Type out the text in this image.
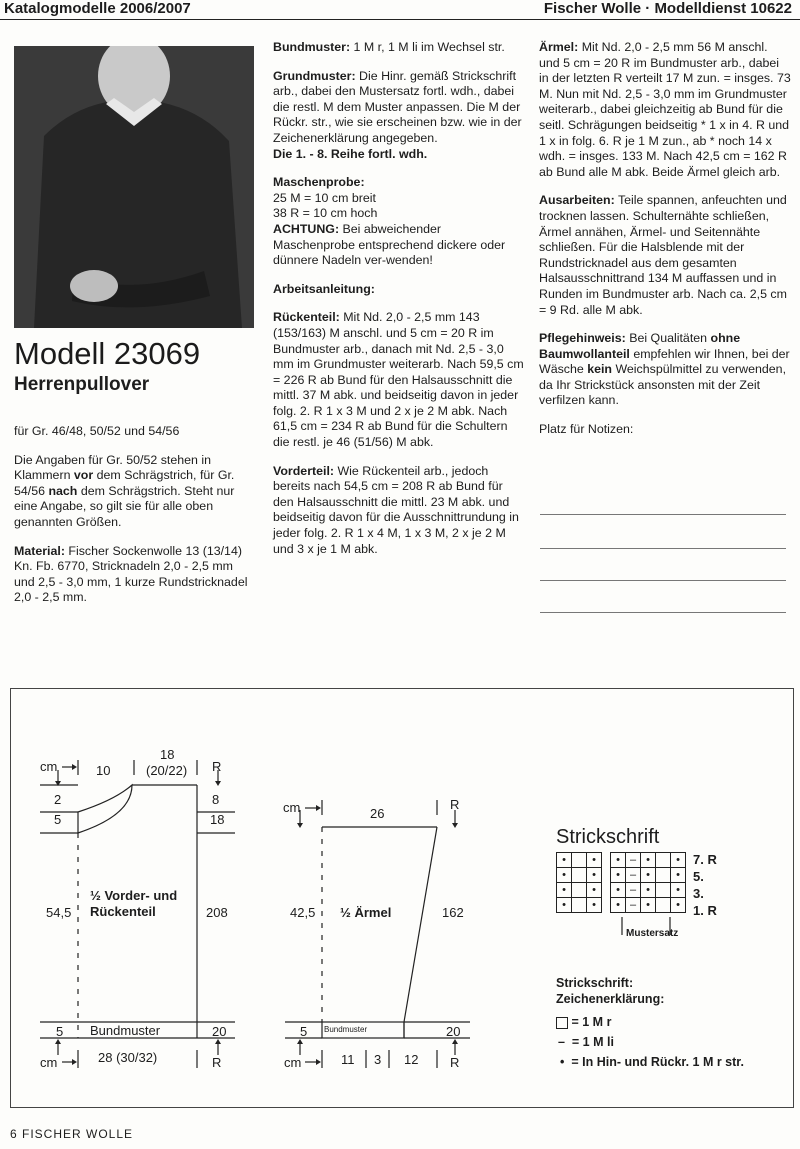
Katalogmodelle 2006/2007	Fischer Wolle · Modelldienst 10622
Modell 23069
Herrenpullover

für Gr. 46/48, 50/52 und 54/56

Die Angaben für Gr. 50/52 stehen in Klammern vor dem Schrägstrich, für Gr. 54/56 nach dem Schrägstrich. Steht nur eine Angabe, so gilt sie für alle oben genannten Größen.

Material: Fischer Sockenwolle 13 (13/14) Kn. Fb. 6770, Stricknadeln 2,0 - 2,5 mm und 2,5 - 3,0 mm, 1 kurze Rundstricknadel 2,0 - 2,5 mm.

Bundmuster: 1 M r, 1 M li im Wechsel str.

Grundmuster: Die Hinr. gemäß Strickschrift arb., dabei den Mustersatz fortl. wdh., dabei die restl. M dem Muster anpassen. Die M der Rückr. str., wie sie erscheinen bzw. wie in der Zeichenerklärung angegeben.
Die 1. - 8. Reihe fortl. wdh.

Maschenprobe:
25 M = 10 cm breit
38 R = 10 cm hoch
ACHTUNG: Bei abweichender Maschenprobe entsprechend dickere oder dünnere Nadeln ver-wenden!

Arbeitsanleitung:

Rückenteil: Mit Nd. 2,0 - 2,5 mm 143 (153/163) M anschl. und 5 cm = 20 R im Bundmuster arb., danach mit Nd. 2,5 - 3,0 mm im Grundmuster weiterarb. Nach 59,5 cm = 226 R ab Bund für den Halsausschnitt die mittl. 37 M abk. und beidseitig davon in jeder folg. 2. R 1 x 3 M und 2 x je 2 M abk. Nach 61,5 cm = 234 R ab Bund für die Schultern die restl. je 46 (51/56) M abk.

Vorderteil: Wie Rückenteil arb., jedoch bereits nach 54,5 cm = 208 R ab Bund für den Halsausschnitt die mittl. 23 M abk. und beidseitig davon für die Ausschnittrundung in jeder folg. 2. R 1 x 4 M, 1 x 3 M, 2 x je 2 M und 3 x je 1 M abk.

Ärmel: Mit Nd. 2,0 - 2,5 mm 56 M anschl. und 5 cm = 20 R im Bundmuster arb., dabei in der letzten R verteilt 17 M zun. = insges. 73 M. Nun mit Nd. 2,5 - 3,0 mm im Grundmuster weiterarb., dabei gleichzeitig ab Bund für die seitl. Schrägungen beidseitig * 1 x in 4. R und 1 x in folg. 6. R je 1 M zun., ab * noch 14 x wdh. = insges. 133 M. Nach 42,5 cm = 162 R ab Bund alle M abk. Beide Ärmel gleich arb.

Ausarbeiten: Teile spannen, anfeuchten und trocknen lassen. Schulternähte schließen, Ärmel annähen, Ärmel- und Seitennähte schließen. Für die Halsblende mit der Rundstricknadel aus dem gesamten Halsausschnittrand 134 M auffassen und in Runden im Bundmuster arb. Nach ca. 2,5 cm = 9 Rd. alle M abk.

Pflegehinweis: Bei Qualitäten ohne Baumwollanteil empfehlen wir Ihnen, bei der Wäsche kein Weichspülmittel zu verwenden, da Ihr Strickstück ansonsten mit der Zeit verfilzen kann.

Platz für Notizen:

cm	10
18
(20/22) R
2
5
8
18
½ Vorder- und
Rückenteil
54,5	208
Bundmuster
5	20
cm	28 (30/32)	R
cm	26
R
½ Ärmel
42,5	162
Bundmuster
5	20
cm	11 3 12 R
Strickschrift
•		•		•	–	•		•
•		•		•	–	•		•
•		•		•	–	•		•
•		•		•	–	•		•
7. R
5.
3.
1. R
Mustersatz
Strickschrift:
Zeichenerklärung:
= 1 M r
– = 1 M li
• = In Hin- und Rückr. 1 M r str.
6 FISCHER WOLLE
